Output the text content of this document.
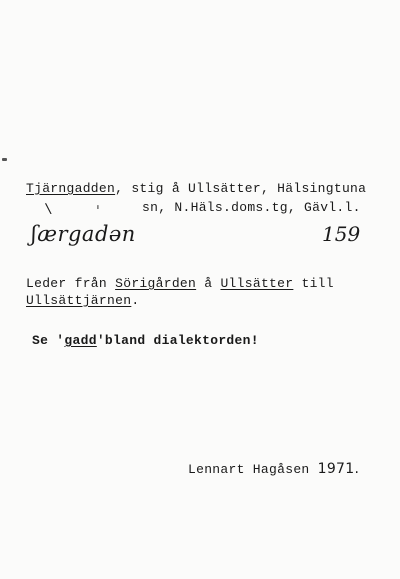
Tjärngadden, stig å Ullsätter, Hälsingtuna
sn, N.Häls.doms.tg, Gävl.l.
\	ˈ
ʃærgadən	159
Leder från Sörigården å Ullsätter till
Ullsättjärnen.
Se 'gadd'bland dialektorden!
Lennart Hagåsen 1971.
